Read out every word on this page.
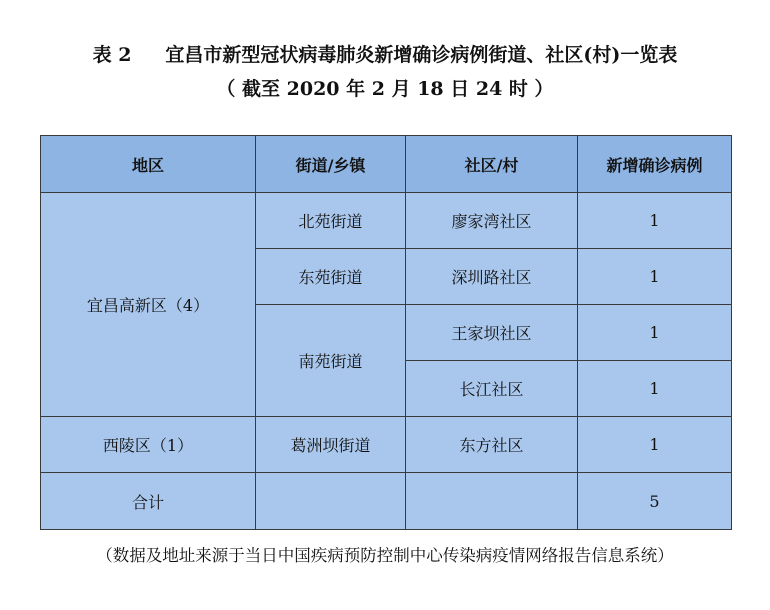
表 2 宜昌市新型冠状病毒肺炎新增确诊病例街道、社区(村)一览表
（ 截至 2020 年 2 月 18 日 24 时 ）
地区	街道/乡镇	社区/村	新增确诊病例
宜昌高新区（4）	北苑街道	廖家湾社区	1
	东苑街道	深圳路社区	1
	南苑街道	王家坝社区	1
		长江社区	1
西陵区（1）	葛洲坝街道	东方社区	1
合计			5
（数据及地址来源于当日中国疾病预防控制中心传染病疫情网络报告信息系统）
